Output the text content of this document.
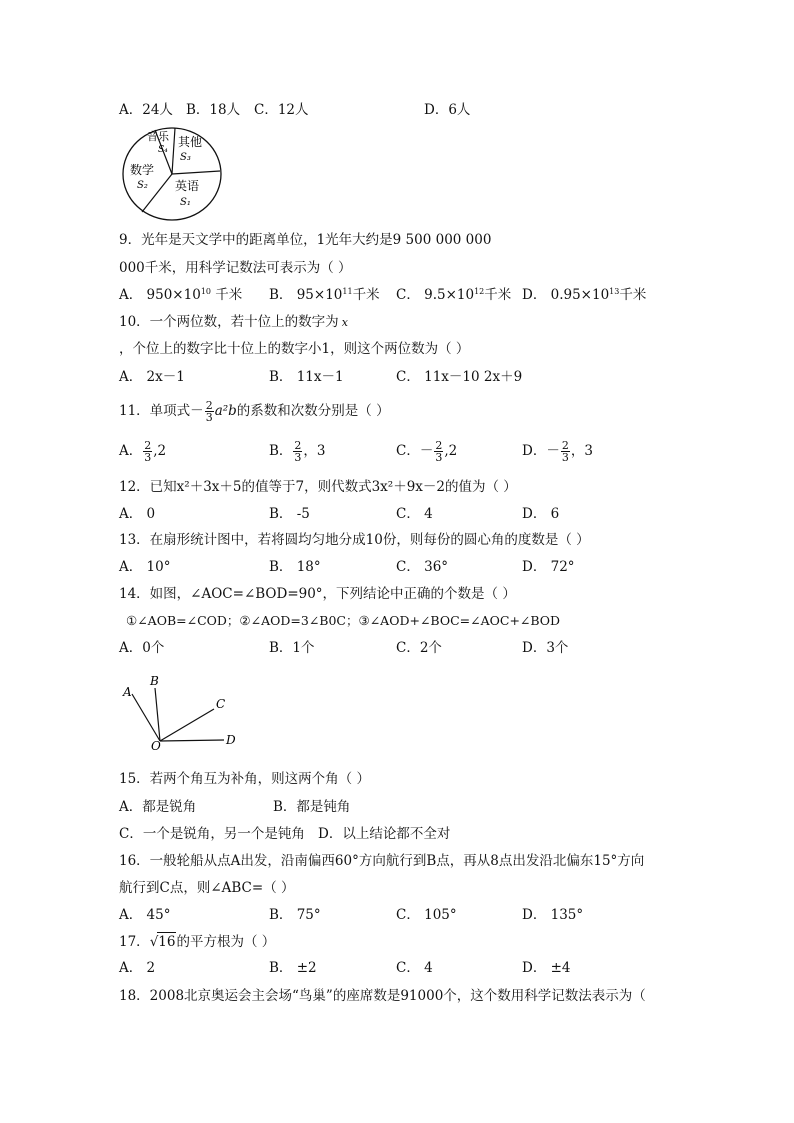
A．24人 B．18人 C．12人	D．6人
音乐
S₄
其他
S₃
数学
S₂ 英语
S₁
9．光年是天文学中的距离单位，1光年大约是9 500 000 000
000千米，用科学记数法可表示为（ ）
A． $950\times 10^{10}$ 千米 B． $95\times 10^{11}$千米 C． $9.5\times 10^{12}$千米 D． $0.95\times 10^{13}$千米
10．一个两位数，若十位上的数字为 x
，个位上的数字比十位上的数字小1，则这个两位数为（ ）
A． 2x－1	B． 11x－1	C． 11x－10 2x＋9
11．单项式－ $\frac{2}{3} a^2b$的系数和次数分别是（ ）
A． $\frac{2}{3} ,2$	B． $\frac{2}{3}$ ，3	C．－ $\frac{2}{3} ,2$	D．－ $\frac{2}{3}$ ，3
12．已知x²＋3x＋5的值等于7，则代数式3x²＋9x－2的值为（ ）
A． 0	B． -5	C． 4	D． 6
13．在扇形统计图中，若将圆均匀地分成10份，则每份的圆心角的度数是（ ）
A． 10°	B． 18°	C． 36°	D． 72°
14．如图，∠AOC=∠BOD=90°，下列结论中正确的个数是（ ）
①∠AOB=∠COD；②∠AOD=3∠B0C；③∠AOD+∠BOC=∠AOC+∠BOD
A．0个	B．1个	C．2个	D．3个
A
B
C
D
O
15．若两个角互为补角，则这两个角（ ）
A．都是锐角	B．都是钝角
C．一个是锐角，另一个是钝角 D．以上结论都不全对
16．一般轮船从点A出发，沿南偏西60°方向航行到B点，再从8点出发沿北偏东15°方向
航行到C点，则∠ABC=（ ）
A． 45°	B． 75°	C． 105°	D． 135°
17．√16的平方根为（ ）
A． 2	B． ±2	C． 4	D． ±4
18．2008北京奥运会主会场“鸟巢”的座席数是91000个，这个数用科学记数法表示为（
